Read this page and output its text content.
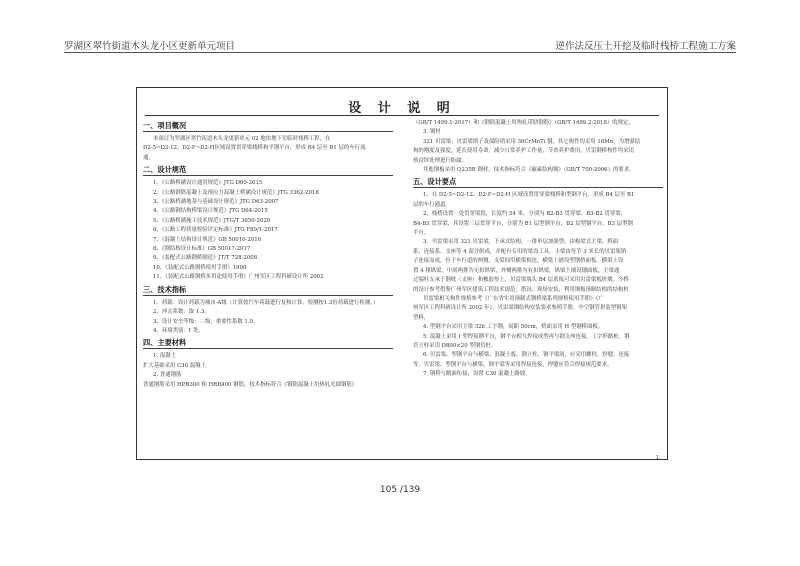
罗湖区翠竹街道木头龙小区更新单元项目	逆作法反压土开挖及临时栈桥工程施工方案
设 计 说 明
一、项目概况
本项目为罗湖区翠竹街道木头龙更新单元 02 地块地下室临时栈桥工程，在
D2-5~D2-12、D2-F~D2-H区域设置贯穿梁栈桥和平钢平台，形成 B4 层至 B1 层的车行流
通。
二、设计规范
1、《公路桥涵设计通用规范》JTG D60-2015
2、《公路钢筋混凝土及预应力混凝土桥涵设计规范》JTG 3362-2018
3、《公路桥涵地基与基础设计规范》JTG D63-2007
4、《公路钢结构桥梁设计规范》JTG D64-2015
5、《公路桥涵施工技术规范》JTG/T 3650-2020
6、《公路工程质量检验评定标准》JTG F80/1-2017
7、《混凝土结构设计规范》GB 50010-2010
8、《钢结构设计标准》GB 50017-2017
9、《装配式公路钢桥制造》JT/T 728-2008
10、《装配式公路钢桥使用手册》1998
11、《装配式公路钢桥多用途使用手册》广州军区工程科研设计所 2002
三、技术指标
1、荷载：设计荷载为城市-A级（计算按汽车荷载进行复核计算，检测按1.3倍荷载进行检测。）
2、冲击系数：取 1.3。
3、设计安全等级：二级，重要性系数 1.0。
4、环境类别：I 类。
四、主要材料
1. 混凝土
扩大基础采用 C30 混凝土
2. 普通钢筋
普通钢筋采用 HPB300 和 HRB400 钢筋，技术指标符合《钢筋混凝土用热轧光圆钢筋》
（GB/T 1499.1-2017）和《钢筋混凝土用热轧带肋钢筋》（GB/T 1499.2-2018）的规定。
3. 钢材
321 贝雷梁：贝雷梁销子及保险销采用 30CrMnTi 钢，其它构件均采用 16Mn，为增强结
构的刚度及强度，延长使用寿命，减少日常养护工作量，节省养护费用，贝雷钢桥构件均采用
热浸锌处理进行防腐。
其他钢板采用 Q235B 钢材，技术指标符合《碳素结构钢》（GB/T 700-2006）的要求。
五、设计要点
1、在 D2-5~D2-12、D2-F~D2-H 区域设置贯穿梁栈桥和型钢平台，形成 B4 层至 B1
层的车行通道。
2、栈桥设置一处贯穿梁段，长度约 54 米，分别为 B2-B3 贯穿梁、B3-B2 贯穿梁、
B4-B3 贯穿梁，其设置三层贯穿平台，分别为 B1 层型钢平台，B2 层型钢平台，B3 层型钢
平台。
3、贝雷梁采用 321 贝雷梁，下承式结构，一排单层加强型。由构梁式主梁、桥面
系、连接系、支座等 4 部分组成，并配有专用的梁设工具。主梁由每节 3 米长的贝雷架销
子连接而成，位于车行道的两侧，支梁间用横梁相连，横梁上铺设型钢桥面板，横梁上设
置 4 排纵梁，中间两排为无扣纵梁，外侧两排为有扣纵梁。纵梁上铺设钢面板，主梁通
过端柱支承于钢枕（支座）和橡胶垫上，贝雷梁端头 B4 层底板可采用贝雷梁板桩墩。今桥
的设计参考借鉴广州军区建筑工程技术规范，搭设、现场安装、利用钢板预制结构的结构机
贝雷梁相关构件规格参考《广东省实用预制式钢桥梁系列规格使用手册》《广
州军区工程科研设计所 2002 年》，贝雷梁钢结构安装要求参照手册。中空钢管拼装型钢架
塑料。
4. 型钢平台采用主梁 32b 工字钢，间距 50cm，桥面采用 H 型钢桥面板。
5. 混凝土采用 I 型焊接钢平台，钢平台相互焊接成型再与钢支座连接，工字形路桩，钢
管立柱采用 D800×20 型钢管桩。
6. 贝雷梁、型钢平台与横梁、混凝土板、钢立柱、钢平梁间，应采用螺栓，焊缝，连接
等，贝雷梁、型钢平台与横梁，钢平梁等采用焊接连接，焊缝应符合焊接规范要求。
7. 钢桥与路面衔接，设置 C30 混凝土路坡。
1
105 /139
